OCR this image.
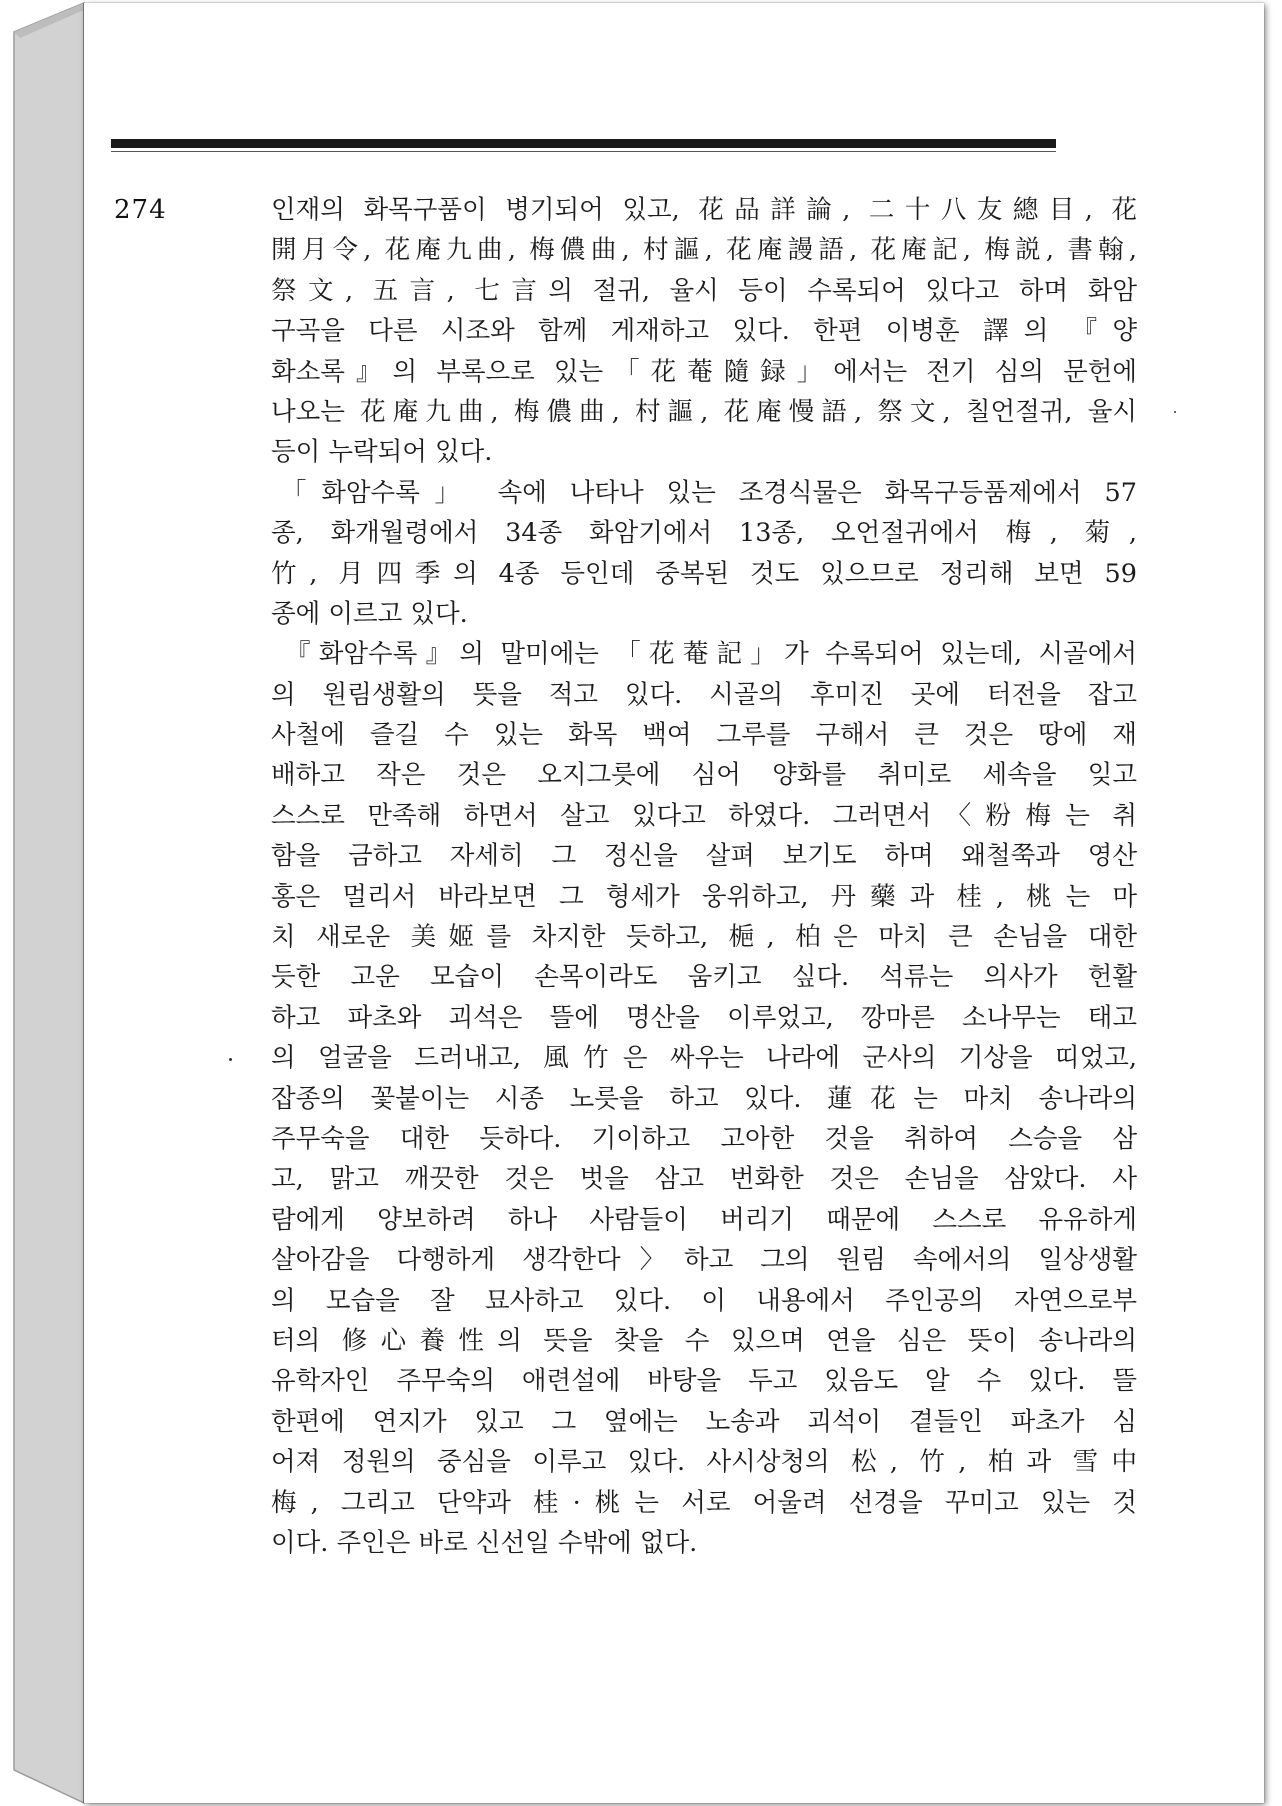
274	인재의 화목구품이 병기되어 있고, 花品詳論, 二十八友總目, 花
開月令, 花庵九曲, 梅儂曲, 村謳, 花庵謾語, 花庵記, 梅説, 書翰,
祭文, 五言, 七言의 절귀, 율시 등이 수록되어 있다고 하며 화암
구곡을 다른 시조와 함께 게재하고 있다. 한편 이병훈 譯의 『양
화소록』의 부록으로 있는「花菴隨録」에서는 전기 심의 문헌에
나오는 花庵九曲, 梅儂曲, 村謳, 花庵慢語, 祭文, 칠언절귀, 율시
등이 누락되어 있다.

「화암수록」 속에 나타나 있는 조경식물은 화목구등품제에서 57
종, 화개월령에서 34종 화암기에서 13종, 오언절귀에서 梅, 菊,
竹, 月四季의 4종 등인데 중복된 것도 있으므로 정리해 보면 59
종에 이르고 있다.

『화암수록』의 말미에는 「花菴記」가 수록되어 있는데, 시골에서
의 원림생활의 뜻을 적고 있다. 시골의 후미진 곳에 터전을 잡고
사철에 즐길 수 있는 화목 백여 그루를 구해서 큰 것은 땅에 재
배하고 작은 것은 오지그릇에 심어 양화를 취미로 세속을 잊고
스스로 만족해 하면서 살고 있다고 하였다. 그러면서〈粉梅는 취
함을 금하고 자세히 그 정신을 살펴 보기도 하며 왜철쭉과 영산
홍은 멀리서 바라보면 그 형세가 웅위하고, 丹藥과 桂, 桃는 마
치 새로운 美姬를 차지한 듯하고, 梔, 柏은 마치 큰 손님을 대한
듯한 고운 모습이 손목이라도 움키고 싶다. 석류는 의사가 헌활
하고 파초와 괴석은 뜰에 명산을 이루었고, 깡마른 소나무는 태고
의 얼굴을 드러내고, 風竹은 싸우는 나라에 군사의 기상을 띠었고,
잡종의 꽃붙이는 시종 노릇을 하고 있다. 蓮花는 마치 송나라의
주무숙을 대한 듯하다. 기이하고 고아한 것을 취하여 스승을 삼
고, 맑고 깨끗한 것은 벗을 삼고 번화한 것은 손님을 삼았다. 사
람에게 양보하려 하나 사람들이 버리기 때문에 스스로 유유하게
살아감을 다행하게 생각한다〉하고 그의 원림 속에서의 일상생활
의 모습을 잘 묘사하고 있다. 이 내용에서 주인공의 자연으로부
터의 修心養性의 뜻을 찾을 수 있으며 연을 심은 뜻이 송나라의
유학자인 주무숙의 애련설에 바탕을 두고 있음도 알 수 있다. 뜰
한편에 연지가 있고 그 옆에는 노송과 괴석이 곁들인 파초가 심
어져 정원의 중심을 이루고 있다. 사시상청의 松, 竹, 柏과 雪中
梅, 그리고 단약과 桂·桃는 서로 어울려 선경을 꾸미고 있는 것
이다. 주인은 바로 신선일 수밖에 없다.
